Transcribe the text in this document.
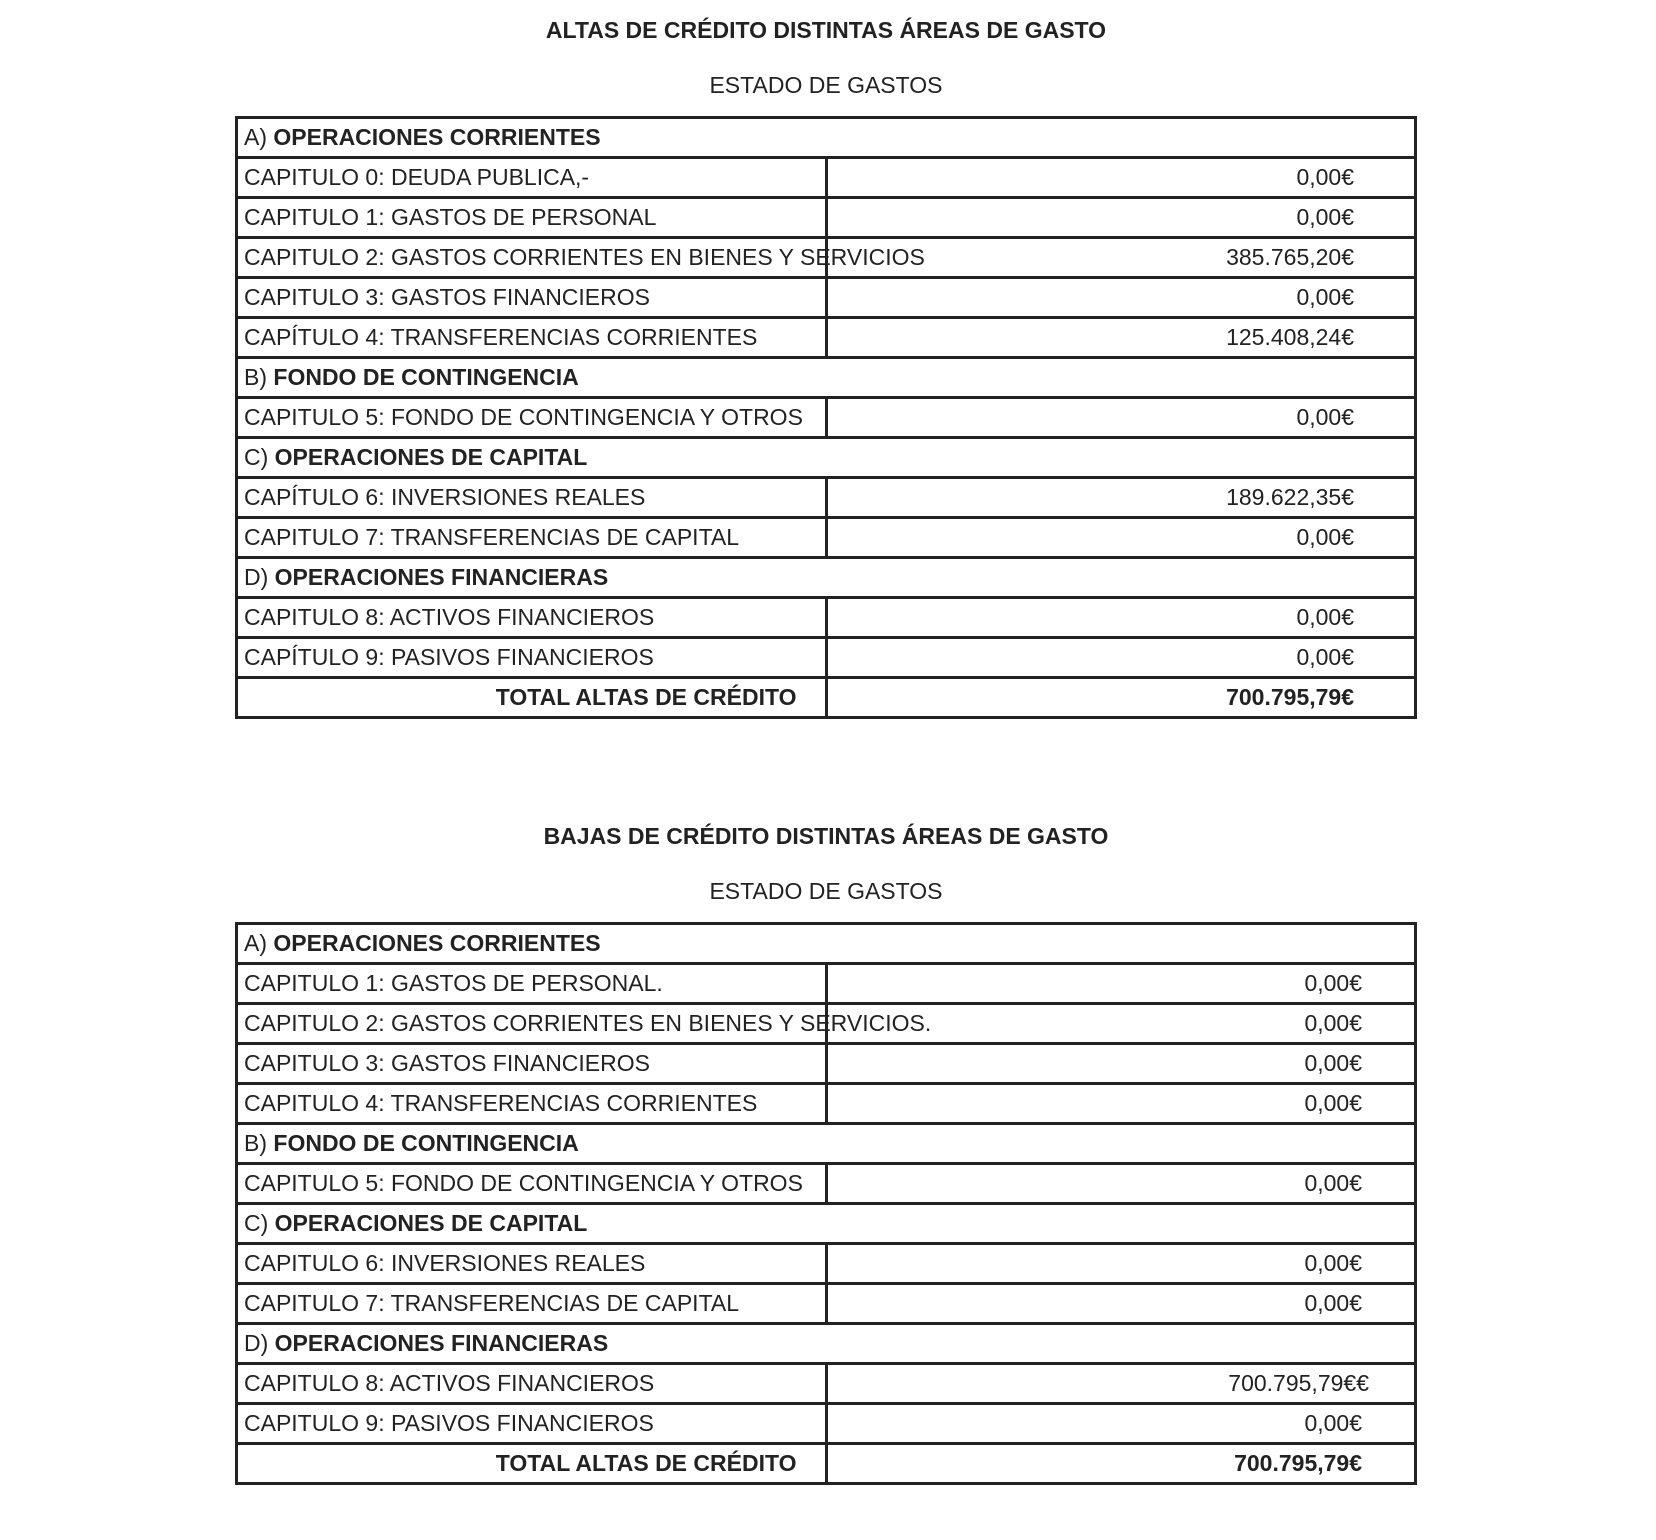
ALTAS DE CRÉDITO DISTINTAS ÁREAS DE GASTO
ESTADO DE GASTOS
A) OPERACIONES CORRIENTES	
CAPITULO 0: DEUDA PUBLICA,-	0,00€
CAPITULO 1: GASTOS DE PERSONAL	0,00€
CAPITULO 2: GASTOS CORRIENTES EN BIENES Y SERVICIOS	385.765,20€
CAPITULO 3: GASTOS FINANCIEROS	0,00€
CAPÍTULO 4: TRANSFERENCIAS CORRIENTES	125.408,24€
B) FONDO DE CONTINGENCIA	
CAPITULO 5: FONDO DE CONTINGENCIA Y OTROS	0,00€
C) OPERACIONES DE CAPITAL	
CAPÍTULO 6: INVERSIONES REALES	189.622,35€
CAPITULO 7: TRANSFERENCIAS DE CAPITAL	0,00€
D) OPERACIONES FINANCIERAS	
CAPITULO 8: ACTIVOS FINANCIEROS	0,00€
CAPÍTULO 9: PASIVOS FINANCIEROS	0,00€
TOTAL ALTAS DE CRÉDITO	700.795,79€
BAJAS DE CRÉDITO DISTINTAS ÁREAS DE GASTO
ESTADO DE GASTOS
A) OPERACIONES CORRIENTES	
CAPITULO 1: GASTOS DE PERSONAL.	0,00€
CAPITULO 2: GASTOS CORRIENTES EN BIENES Y SERVICIOS.	0,00€
CAPITULO 3: GASTOS FINANCIEROS	0,00€
CAPITULO 4: TRANSFERENCIAS CORRIENTES	0,00€
B) FONDO DE CONTINGENCIA	
CAPITULO 5: FONDO DE CONTINGENCIA Y OTROS	0,00€
C) OPERACIONES DE CAPITAL	
CAPITULO 6: INVERSIONES REALES	0,00€
CAPITULO 7: TRANSFERENCIAS DE CAPITAL	0,00€
D) OPERACIONES FINANCIERAS	
CAPITULO 8: ACTIVOS FINANCIEROS	700.795,79€€
CAPITULO 9: PASIVOS FINANCIEROS	0,00€
TOTAL ALTAS DE CRÉDITO	700.795,79€
